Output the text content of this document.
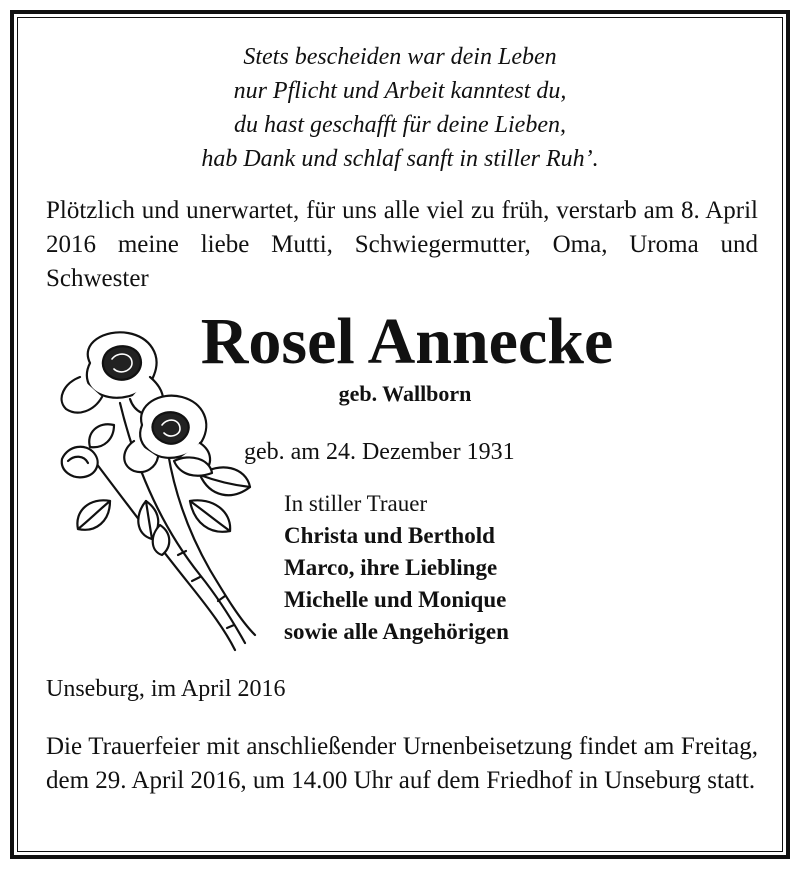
Stets bescheiden war dein Leben
nur Pflicht und Arbeit kanntest du,
du hast geschafft für deine Lieben,
hab Dank und schlaf sanft in stiller Ruh’.
Plötzlich und unerwartet, für uns alle viel zu früh, verstarb am 8. April 2016 meine liebe Mutti, Schwiegermutter, Oma, Uroma und Schwester
Rosel Annecke
geb. Wallborn
geb. am 24. Dezember 1931
In stiller Trauer
Christa und Berthold
Marco, ihre Lieblinge
Michelle und Monique
sowie alle Angehörigen
Unseburg, im April 2016
Die Trauerfeier mit anschließender Urnenbeisetzung findet am Freitag, dem 29. April 2016, um 14.00 Uhr auf dem Friedhof in Unseburg statt.
